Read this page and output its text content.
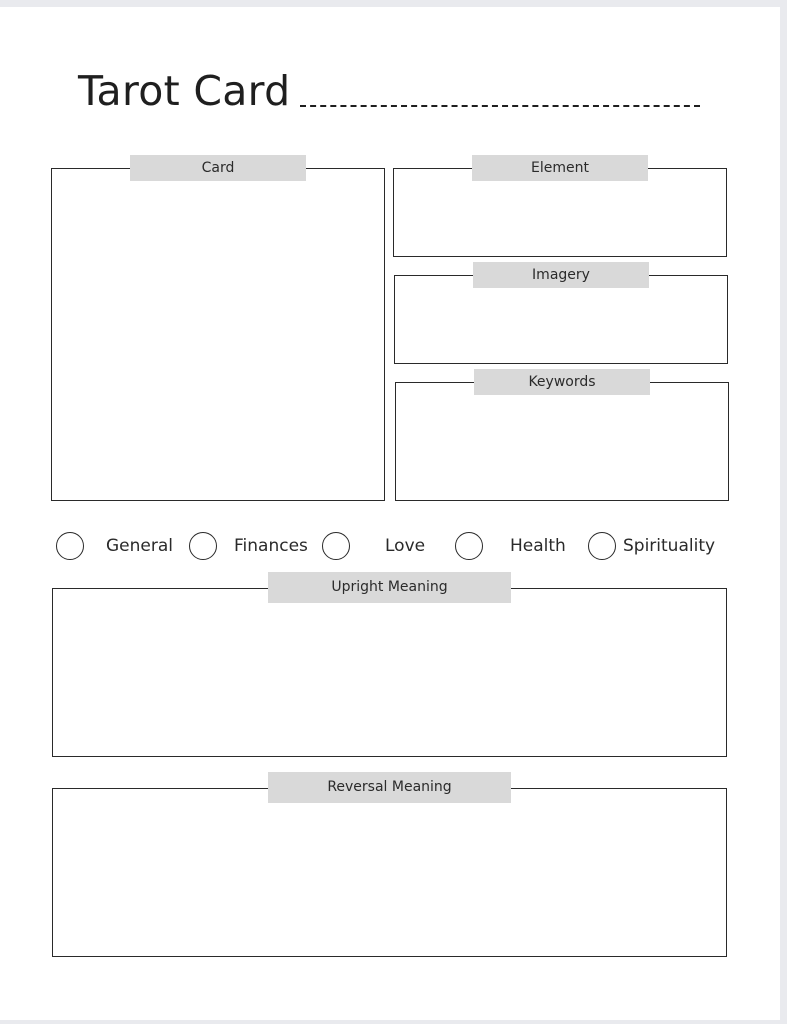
Tarot Card
Card	Element
Imagery
Keywords
General	Finances	Love	Health	Spirituality
Upright Meaning
Reversal Meaning
